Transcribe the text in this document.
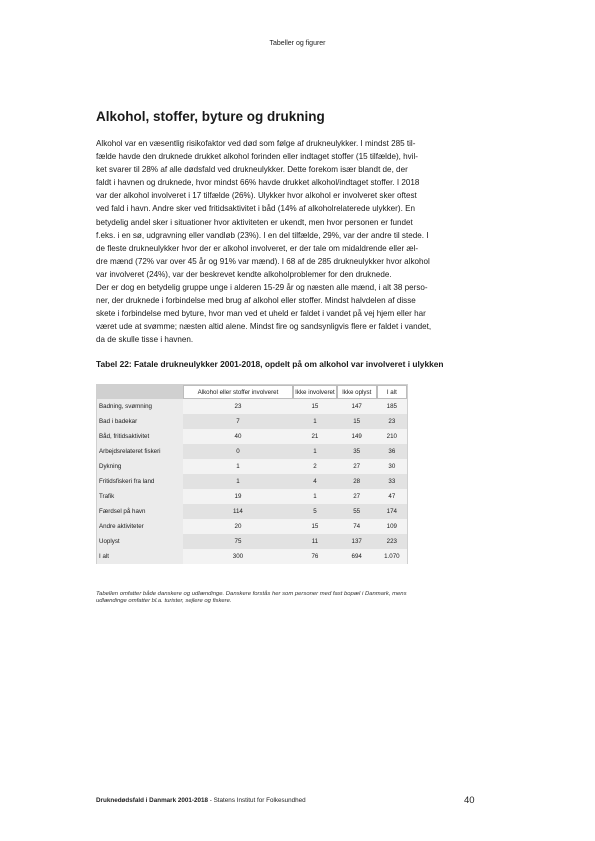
Tabeller og figurer
Alkohol, stoffer, byture og drukning

Alkohol var en væsentlig risikofaktor ved død som følge af drukneulykker. I mindst 285 til-
fælde havde den druknede drukket alkohol forinden eller indtaget stoffer (15 tilfælde), hvil-
ket svarer til 28% af alle dødsfald ved drukneulykker. Dette forekom især blandt de, der
faldt i havnen og druknede, hvor mindst 66% havde drukket alkohol/indtaget stoffer. I 2018
var der alkohol involveret i 17 tilfælde (26%). Ulykker hvor alkohol er involveret sker oftest
ved fald i havn. Andre sker ved fritidsaktivitet i båd (14% af alkoholrelaterede ulykker). En
betydelig andel sker i situationer hvor aktiviteten er ukendt, men hvor personen er fundet
f.eks. i en sø, udgravning eller vandløb (23%). I en del tilfælde, 29%, var der andre til stede. I
de fleste drukneulykker hvor der er alkohol involveret, er der tale om midaldrende eller æl-
dre mænd (72% var over 45 år og 91% var mænd). I 68 af de 285 drukneulykker hvor alkohol
var involveret (24%), var der beskrevet kendte alkoholproblemer for den druknede.

Der er dog en betydelig gruppe unge i alderen 15-29 år og næsten alle mænd, i alt 38 perso-
ner, der druknede i forbindelse med brug af alkohol eller stoffer. Mindst halvdelen af disse
skete i forbindelse med byture, hvor man ved et uheld er faldet i vandet på vej hjem eller har
været ude at svømme; næsten altid alene. Mindst fire og sandsynligvis flere er faldet i vandet,
da de skulle tisse i havnen.

Tabel 22: Fatale drukneulykker 2001-2018, opdelt på om alkohol var involveret i ulykken
	Alkohol eller stoffer involveret	Ikke involveret	Ikke oplyst	I alt
Badning, svømning	23	15	147	185
Bad i badekar	7	1	15	23
Båd, fritidsaktivitet	40	21	149	210
Arbejdsrelateret fiskeri	0	1	35	36
Dykning	1	2	27	30
Fritidsfiskeri fra land	1	4	28	33
Trafik	19	1	27	47
Færdsel på havn	114	5	55	174
Andre aktiviteter	20	15	74	109
Uoplyst	75	11	137	223
I alt	300	76	694	1.070

Tabellen omfatter både danskere og udlændinge. Danskere forstås her som personer med fast bopæl i Danmark, mens
udlændinge omfatter bl.a. turister, sejlere og fiskere.

Druknedødsfald i Danmark 2001-2018 - Statens Institut for Folkesundhed	40
